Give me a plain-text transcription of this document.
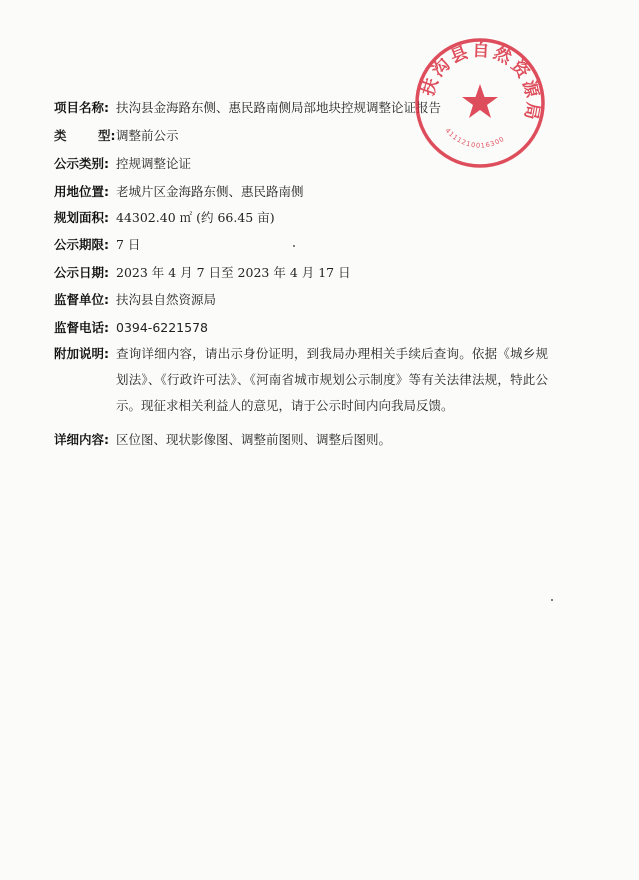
项目名称: 扶沟县金海路东侧、惠民路南侧局部地块控规调整论证报告
类	型:调整前公示
公示类别: 控规调整论证
用地位置: 老城片区金海路东侧、惠民路南侧
规划面积: 44302.40 ㎡ (约 66.45 亩)
公示期限: 7 日
公示日期: 2023 年 4 月 7 日至 2023 年 4 月 17 日
监督单位: 扶沟县自然资源局
监督电话: 0394-6221578
附加说明: 查询详细内容，请出示身份证明，到我局办理相关手续后查询。依据《城乡规划法》、《行政许可法》、《河南省城市规划公示制度》等有关法律法规，特此公示。现征求相关利益人的意见，请于公示时间内向我局反馈。
详细内容: 区位图、现状影像图、调整前图则、调整后图则。
扶沟县自然资源局
4111210016300
